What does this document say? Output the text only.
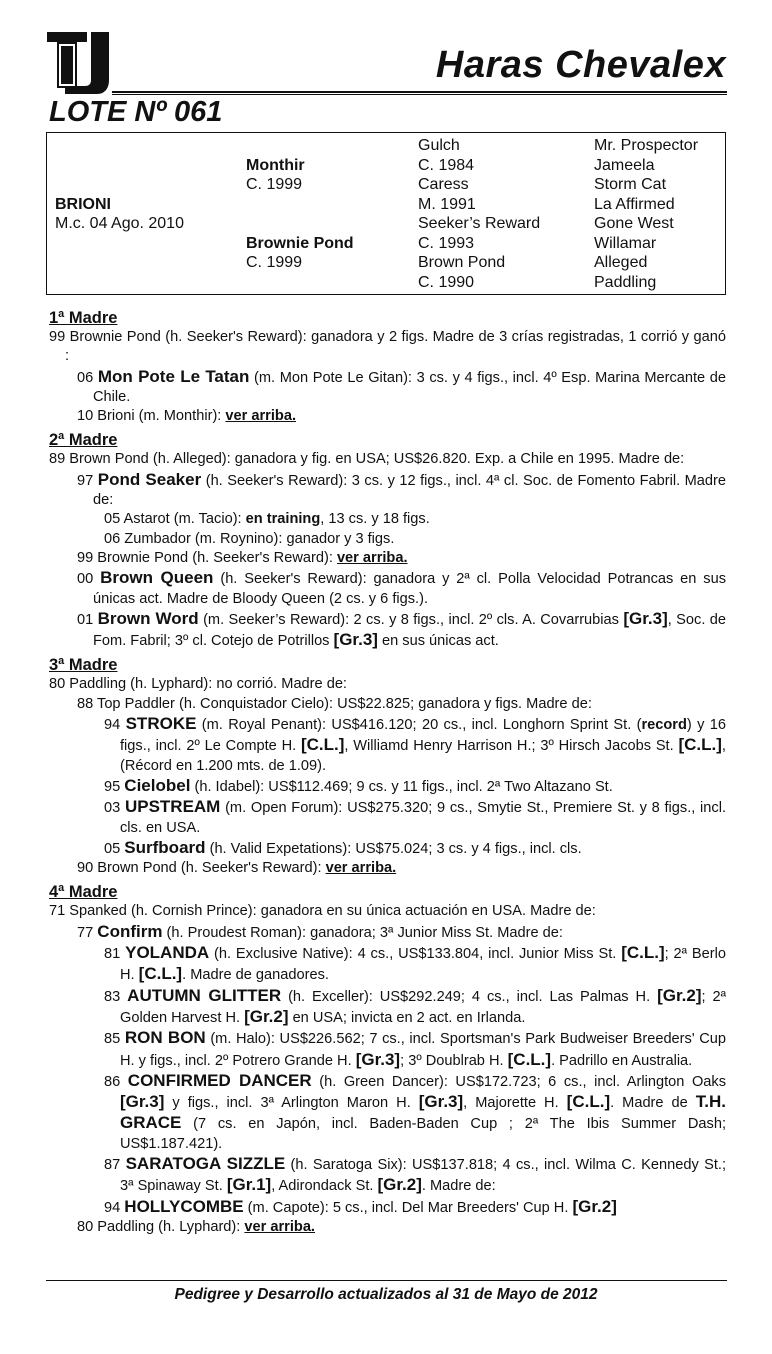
Haras Chevalex
LOTE Nº 061
BRIONI
M.c. 04 Ago. 2010
Monthir
C. 1999
Brownie Pond
C. 1999
Gulch
C. 1984
Caress
M. 1991
Seeker’s Reward
C. 1993
Brown Pond
C. 1990
Mr. Prospector
Jameela
Storm Cat
La Affirmed
Gone West
Willamar
Alleged
Paddling
1ª Madre
99 Brownie Pond (h. Seeker's Reward): ganadora y 2 figs. Madre de 3 crías registradas, 1 corrió y ganó :
06 Mon Pote Le Tatan (m. Mon Pote Le Gitan): 3 cs. y 4 figs., incl. 4º Esp. Marina Mercante de Chile.
10 Brioni (m. Monthir): ver arriba.
2ª Madre
89 Brown Pond (h. Alleged): ganadora y fig. en USA; US$26.820. Exp. a Chile en 1995. Madre de:
97 Pond Seaker (h. Seeker's Reward): 3 cs. y 12 figs., incl. 4ª cl. Soc. de Fomento Fabril. Madre de:
05 Astarot (m. Tacio): en training, 13 cs. y 18 figs.
06 Zumbador (m. Roynino): ganador y 3 figs.
99 Brownie Pond (h. Seeker's Reward): ver arriba.
00 Brown Queen (h. Seeker's Reward): ganadora y 2ª cl. Polla Velocidad Potrancas en sus únicas act. Madre de Bloody Queen (2 cs. y 6 figs.).
01 Brown Word (m. Seeker’s Reward): 2 cs. y 8 figs., incl. 2º cls. A. Covarrubias [Gr.3], Soc. de Fom. Fabril; 3º cl. Cotejo de Potrillos [Gr.3] en sus únicas act.
3ª Madre
80 Paddling (h. Lyphard): no corrió. Madre de:
88 Top Paddler (h. Conquistador Cielo): US$22.825; ganadora y figs. Madre de:
94 STROKE (m. Royal Penant): US$416.120; 20 cs., incl. Longhorn Sprint St. (record) y 16 figs., incl. 2º Le Compte H. [C.L.], Williamd Henry Harrison H.; 3º Hirsch Jacobs St. [C.L.], (Récord en 1.200 mts. de 1.09).
95 Cielobel (h. Idabel): US$112.469; 9 cs. y 11 figs., incl. 2ª Two Altazano St.
03 UPSTREAM (m. Open Forum): US$275.320; 9 cs., Smytie St., Premiere St. y 8 figs., incl. cls. en USA.
05 Surfboard (h. Valid Expetations): US$75.024; 3 cs. y 4 figs., incl. cls.
90 Brown Pond (h. Seeker's Reward): ver arriba.
4ª Madre
71 Spanked (h. Cornish Prince): ganadora en su única actuación en USA. Madre de:
77 Confirm (h. Proudest Roman): ganadora; 3ª Junior Miss St. Madre de:
81 YOLANDA (h. Exclusive Native): 4 cs., US$133.804, incl. Junior Miss St. [C.L.]; 2ª Berlo H. [C.L.]. Madre de ganadores.
83 AUTUMN GLITTER (h. Exceller): US$292.249; 4 cs., incl. Las Palmas H. [Gr.2]; 2ª Golden Harvest H. [Gr.2] en USA; invicta en 2 act. en Irlanda.
85 RON BON (m. Halo): US$226.562; 7 cs., incl. Sportsman's Park Budweiser Breeders' Cup H. y figs., incl. 2º Potrero Grande H. [Gr.3]; 3º Doublrab H. [C.L.]. Padrillo en Australia.
86 CONFIRMED DANCER (h. Green Dancer): US$172.723; 6 cs., incl. Arlington Oaks [Gr.3] y figs., incl. 3ª Arlington Maron H. [Gr.3], Majorette H. [C.L.]. Madre de T.H. GRACE (7 cs. en Japón, incl. Baden-Baden Cup ; 2ª The Ibis Summer Dash; US$1.187.421).
87 SARATOGA SIZZLE (h. Saratoga Six): US$137.818; 4 cs., incl. Wilma C. Kennedy St.; 3ª Spinaway St. [Gr.1], Adirondack St. [Gr.2]. Madre de:
94 HOLLYCOMBE (m. Capote): 5 cs., incl. Del Mar Breeders' Cup H. [Gr.2]
80 Paddling (h. Lyphard): ver arriba.
Pedigree y Desarrollo actualizados al 31 de Mayo de 2012
